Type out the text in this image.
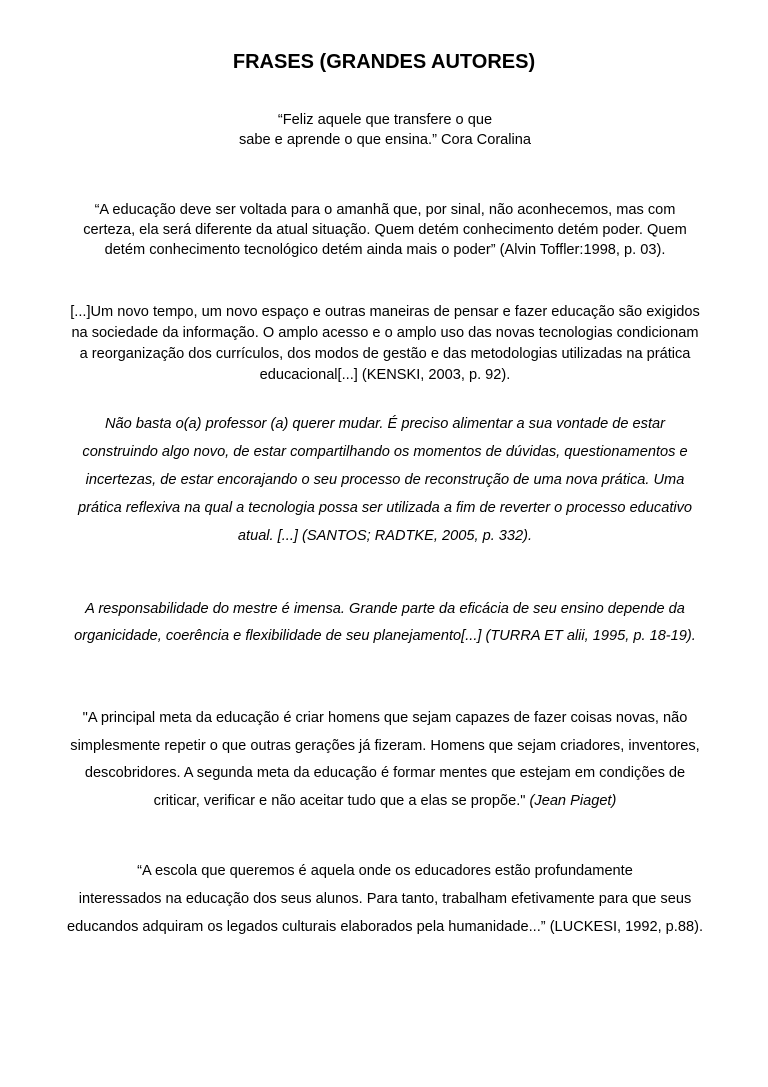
FRASES (GRANDES AUTORES)
“Feliz aquele que transfere o que
sabe e aprende o que ensina.” Cora Coralina
“A educação deve ser voltada para o amanhã que, por sinal, não aconhecemos, mas com
certeza, ela será diferente da atual situação. Quem detém conhecimento detém poder. Quem
detém conhecimento tecnológico detém ainda mais o poder” (Alvin Toffler:1998, p. 03).
[...]Um novo tempo, um novo espaço e outras maneiras de pensar e fazer educação são exigidos
na sociedade da informação. O amplo acesso e o amplo uso das novas tecnologias condicionam
a reorganização dos currículos, dos modos de gestão e das metodologias utilizadas na prática
educacional[...] (KENSKI, 2003, p. 92).
Não basta o(a) professor (a) querer mudar. É preciso alimentar a sua vontade de estar
construindo algo novo, de estar compartilhando os momentos de dúvidas, questionamentos e
incertezas, de estar encorajando o seu processo de reconstrução de uma nova prática. Uma
prática reflexiva na qual a tecnologia possa ser utilizada a fim de reverter o processo educativo
atual. [...] (SANTOS; RADTKE, 2005, p. 332).
A responsabilidade do mestre é imensa. Grande parte da eficácia de seu ensino depende da
organicidade, coerência e flexibilidade de seu planejamento[...] (TURRA ET alii, 1995, p. 18-19).
"A principal meta da educação é criar homens que sejam capazes de fazer coisas novas, não
simplesmente repetir o que outras gerações já fizeram. Homens que sejam criadores, inventores,
descobridores. A segunda meta da educação é formar mentes que estejam em condições de
criticar, verificar e não aceitar tudo que a elas se propõe." (Jean Piaget)
“A escola que queremos é aquela onde os educadores estão profundamente
interessados na educação dos seus alunos. Para tanto, trabalham efetivamente para que seus
educandos adquiram os legados culturais elaborados pela humanidade...” (LUCKESI, 1992, p.88).
